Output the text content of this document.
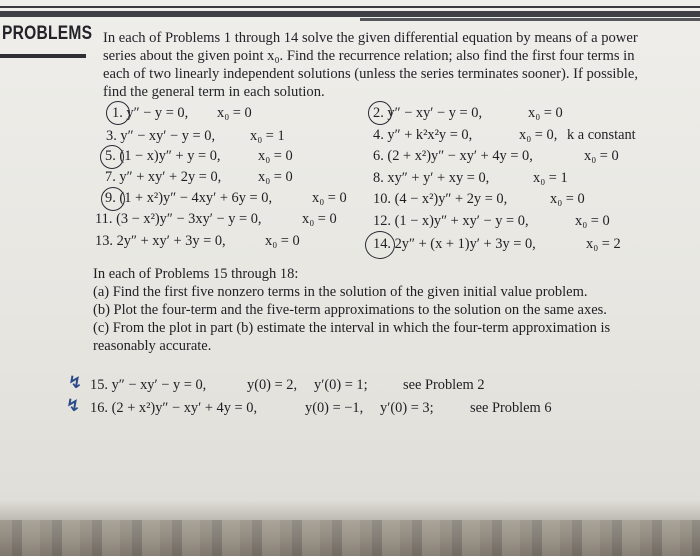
PROBLEMS In each of Problems 1 through 14 solve the given differential equation by means of a power
series about the given point x₀. Find the recurrence relation; also find the first four terms in
each of two linearly independent solutions (unless the series terminates sooner). If possible,
find the general term in each solution.
1. y″ − y = 0, x₀ = 0
3. y″ − xy′ − y = 0, x₀ = 1
5. (1 − x)y″ + y = 0,	x₀ = 0
7. y″ + xy′ + 2y = 0,	x₀ = 0
9. (1 + x²)y″ − 4xy′ + 6y = 0,	x₀ = 0
11. (3 − x²)y″ − 3xy′ − y = 0,	x₀ = 0
13. 2y″ + xy′ + 3y = 0,	x₀ = 0
2. y″ − xy′ − y = 0,	x₀ = 0
4. y″ + k²x²y = 0,	x₀ = 0, k a constant
6. (2 + x²)y″ − xy′ + 4y = 0,	x₀ = 0
8. xy″ + y′ + xy = 0,	x₀ = 1
10. (4 − x²)y″ + 2y = 0,	x₀ = 0
12. (1 − x)y″ + xy′ − y = 0,	x₀ = 0
14. 2y″ + (x + 1)y′ + 3y = 0,	x₀ = 2
In each of Problems 15 through 18:
(a) Find the first five nonzero terms in the solution of the given initial value problem.
(b) Plot the four-term and the five-term approximations to the solution on the same axes.
(c) From the plot in part (b) estimate the interval in which the four-term approximation is
reasonably accurate.
↯
↯
15. y″ − xy′ − y = 0,	y(0) = 2, y′(0) = 1; see Problem 2
16. (2 + x²)y″ − xy′ + 4y = 0,	y(0) = −1, y′(0) = 3;	see Problem 6
